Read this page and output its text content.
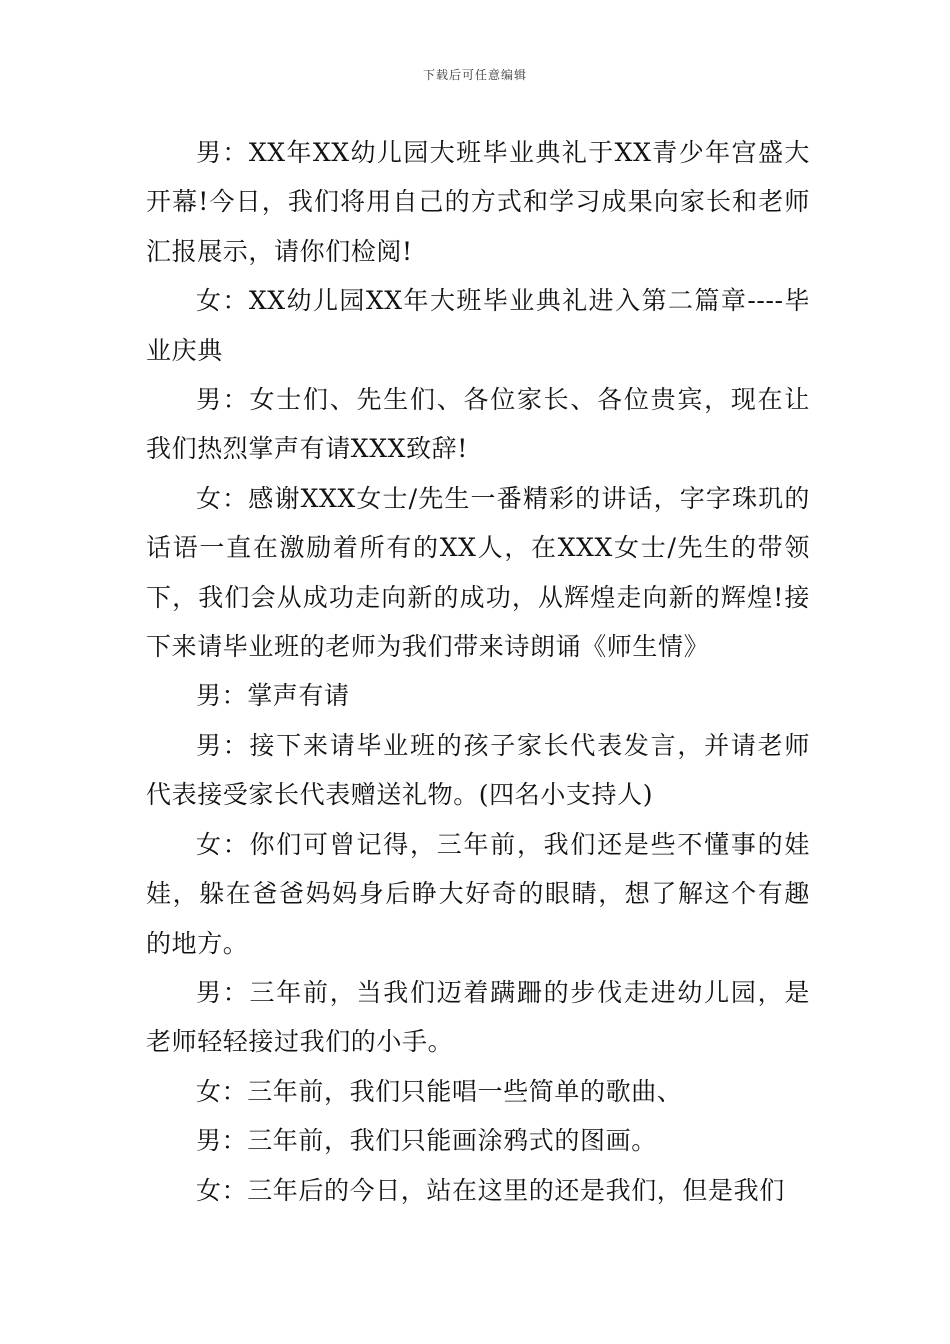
下载后可任意编辑

男：XX年XX幼儿园大班毕业典礼于XX青少年宫盛大开幕!今日，我们将用自己的方式和学习成果向家长和老师汇报展示，请你们检阅!

女：XX幼儿园XX年大班毕业典礼进入第二篇章----毕业庆典

男：女士们、先生们、各位家长、各位贵宾，现在让我们热烈掌声有请XXX致辞!

女：感谢XXX女士/先生一番精彩的讲话，字字珠玑的话语一直在激励着所有的XX人，在XXX女士/先生的带领下，我们会从成功走向新的成功，从辉煌走向新的辉煌!接下来请毕业班的老师为我们带来诗朗诵《师生情》

男：掌声有请

男：接下来请毕业班的孩子家长代表发言，并请老师代表接受家长代表赠送礼物。(四名小支持人)

女：你们可曾记得，三年前，我们还是些不懂事的娃娃，躲在爸爸妈妈身后睁大好奇的眼睛，想了解这个有趣的地方。

男：三年前，当我们迈着蹒跚的步伐走进幼儿园，是老师轻轻接过我们的小手。

女：三年前，我们只能唱一些简单的歌曲、

男：三年前，我们只能画涂鸦式的图画。

女：三年后的今日，站在这里的还是我们，但是我们
